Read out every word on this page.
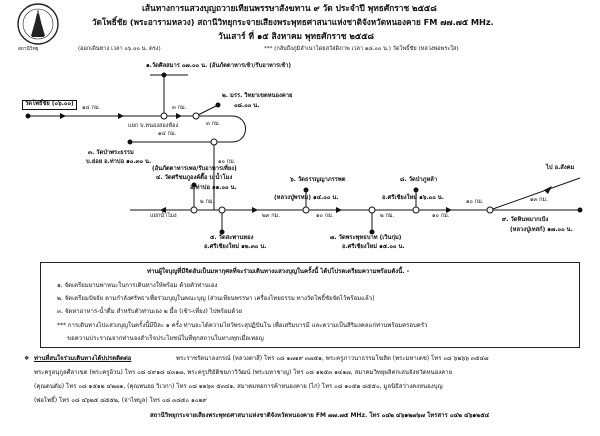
สถานีวิทยุ
เส้นทางการแสวงบุญถวายเทียนพรรษาสังฆทาน ๙ วัด ประจำปี พุทธศักราช ๒๕๕๘
วัดโพธิ์ชัย (พระอารามหลวง) สถานีวิทยุกระจายเสียงพระพุทธศาสนาแห่งชาติจังหวัดหนองคาย FM ๗๗.๗๕ MHz.
วันเสาร์ ที่ ๑๕ สิงหาคม พุทธศักราช ๒๕๕๘
(ออกเดินทาง เวลา ๐๖.๐๐ น. ตรง)	*** (กลับถึงภูมิลำเนาโดยสวัสดิภาพ เวลา ๑๘.๐๐ น.) วัดโพธิ์ชัย (หลวงพ่อพระใส)
วัดโพธิ์ชัย (๐๖.๐๐)
๑.วัดศิลสมาร ๐๗.๐๐ น. (อันภัตตาหารเช้า/รับอาหารเช้า)
๒. มรร. วิทยาเขตหนองคาย
๐๘.๐๐ น.
๓. วัดป่าพระธรรม
บ.ย่อย อ.ท่าบ่อ ๑๐.๓๐ น.
(อันภัตตาหารเพล/รับอาหารเที่ยง)
๔. วัดศรีชมภูองค์ตื๊อ บ.น้ำโมง
อ.ท่าบ่อ ๑๑.๐๐ น.
๕. วัดสะพานทอง
อ.ศรีเชียงใหม่ ๑๒.๓๐ น.
๖. วัดธรรญญาภรรพต
(หลวงปู่พรหม) ๑๔.๐๐ น.
๗. วัดพระพุทธบาท (เวินกุ่ม)
อ.ศรีเชียงใหม่ ๑๕.๐๐ น.
๘. วัดป่าภูหล้า
อ.ศรีเชียงใหม่ ๑๖.๐๐ น.
๙. วัดหินหมากเป้ง
(หลวงปู่เทสก์) ๑๗.๐๐ น.
ไป อ.สังคม
แยก บ.หนองสองห้อง
แยกน้ำโมง
๑๔ กม.	๓ กม.
๓ กม.
๑๔ กม.
๑๐ กม.
๒ กม.
๒๓ กม.	๑๐ กม.	๒ กม.	๑๐ กม.
๑๐ กม.	๑๓ กม.
ท่านผู้ใจบุญที่มีจิตอันเป็นมหากุศลที่จะร่วมเดินทางแสวงบุญในครั้งนี้ ได้ปโปรดเตรียมความพร้อมดังนี้. -
๑. จัดเตรียมยานพาหนะในการเดินทางให้พร้อม ด้วยตัวท่านเอง
๒. จัดเตรียมปัจจัย ตามกำลังศรัทธาเพื่อร่วมบุญในคณะบุญ (ส่วนเทียนพรรษา เครื่องไทยธรรม ทางวัดโพธิ์ชัยจัดไว้พร้อมแล้ว)
๓. จัดหาอาหาร-น้ำดื่ม สำหรับตัวท่านเอง ๒ มื้อ (เช้า-เที่ยง) ไปพร้อมด้วย
*** การเดินทางไปแสวงบุญในครั้งนี้มีปีละ ๑ ครั้ง ท่านจะได้ความไหว้พระสุปฏิปันโน เพื่อเสริมบารมี และความเป็นสิริมงคลแก่ท่านพร้อมครอบครัว
ขอความประราณจากท่านจงสำเร็จประโยชน์ในที่ทุกสถานในทางทุกเมื่อเทอญ
❖ ท่านที่สนใจร่วมเดินทางได้ปปรดติดต่อ	พระราชรัตนาลงกรณ์ (หลวงตาสี) โทร ๐๘ ๑๗๑๙ ๓๗๕๑, พระครูภาวนาธรรมโฆสิต (พระมหาเดช) โทร ๐๘ ๖๒๖๖ ๓๕๔๗
พระครูอนุกูลศีลาเขต (พระครูอ้วน) โทร ๐๘ ๔๙๑๘ ๔๓๑๗, พระครูปริยัติชยภาวิวัฒน์ (พระมหาชาญ) โทร ๐๘ ๑๒๕๓ ๑๔๑๗, สมาคมวิทยุผลิตกเล่นจังหวัดหนองคาย
(คุณดนดัม) โทร ๐๘ ๑๕๑๒ ๔๒๗๑, (คุณพนอย วิเวกา) โทร ๐๘ ๑๒๖๓ ๕๓๔๑, สมาคมหอการค้าหนองคาย (ไก่) โทร ๐๘ ๑๐๕๒ ๘๕๕๐, มูลนิธิสว่างคงหนองบุญ
(พ่อโพธิ์) โทร ๐๘ ๔๖๒๕ ๘๕๕๒, (จ่าไพบูล) โทร ๐๘ ๓๘๕๐ ๑๐๒๙
สถานีวิทยุกระจายเสียงพระพุทธศาสนาแห่งชาติจังหวัดหนองคาย FM ๗๗.๗๕ MHz. โทร ๐๔๒ ๔๖๑๒๗๖๗ โทรสาร ๐๔๒ ๔๖๑๒๕๔
